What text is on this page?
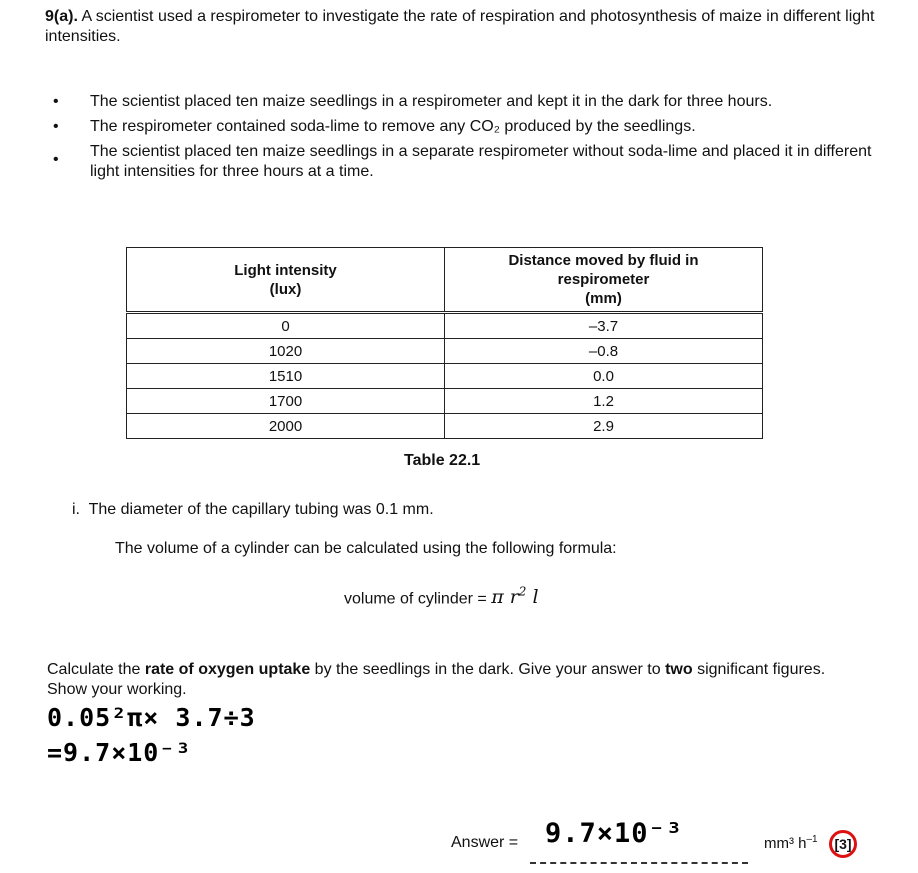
9(a). A scientist used a respirometer to investigate the rate of respiration and photosynthesis of maize in different light intensities.
• The scientist placed ten maize seedlings in a respirometer and kept it in the dark for three hours.
• The respirometer contained soda-lime to remove any CO₂ produced by the seedlings.
• The scientist placed ten maize seedlings in a separate respirometer without soda-lime and placed it in different light intensities for three hours at a time.
Light intensity
(lux)	Distance moved by fluid in
respirometer
(mm)
0	–3.7
1020	–0.8
1510	0.0
1700	1.2
2000	2.9
Table 22.1
i. The diameter of the capillary tubing was 0.1 mm.
The volume of a cylinder can be calculated using the following formula:
volume of cylinder = π $r^2$ l
Calculate the rate of oxygen uptake by the seedlings in the dark. Give your answer to two significant figures. Show your working.
0.05²π× 3.7÷3
=9.7×10⁻³
Answer = 9.7×10⁻³	mm³ $h^{-1}$	[3]
